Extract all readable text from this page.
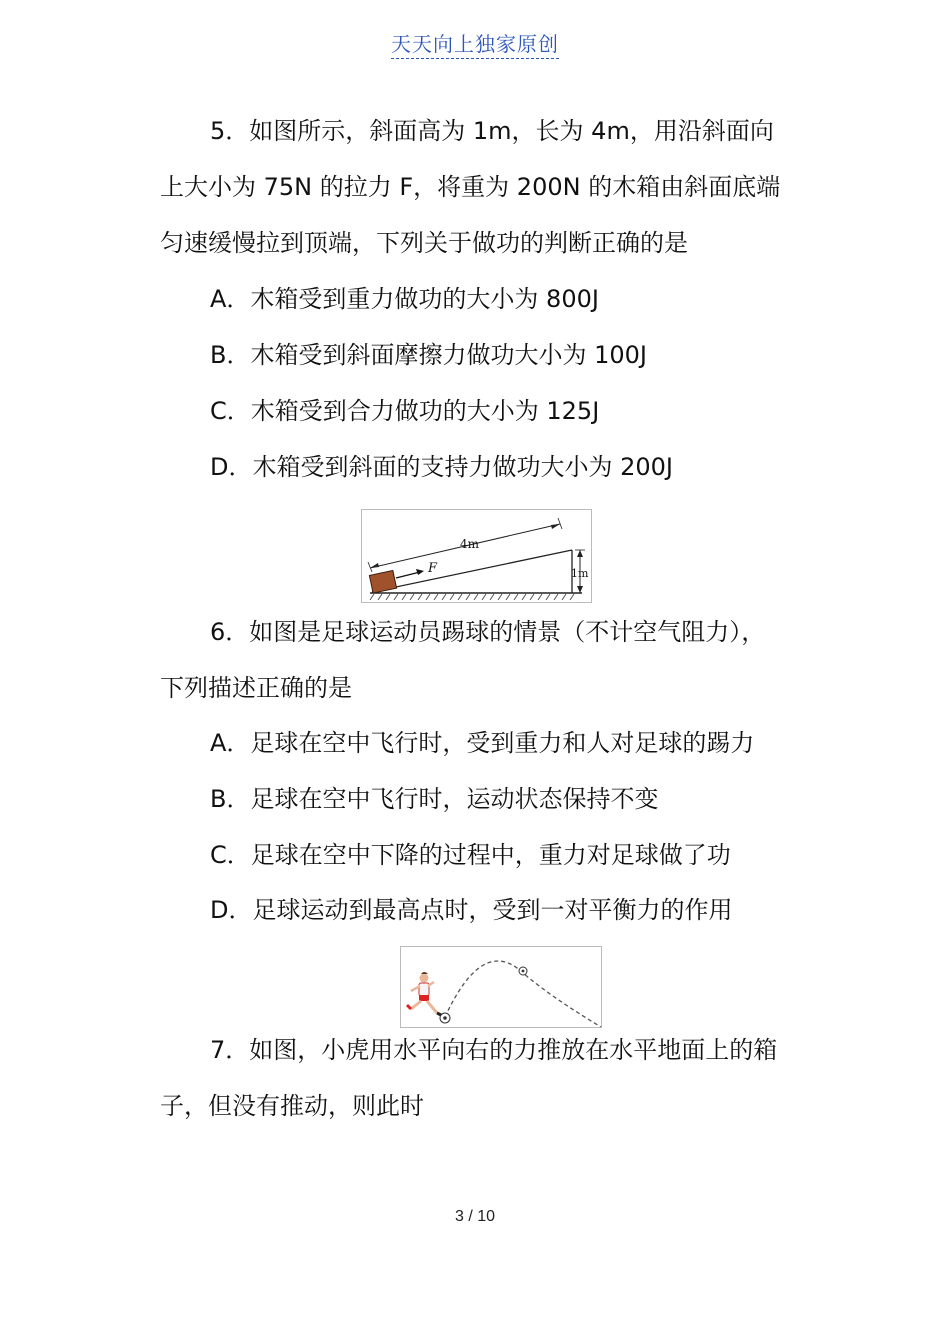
天天向上独家原创
5．如图所示，斜面高为 1m，长为 4m，用沿斜面向
上大小为 75N 的拉力 F，将重为 200N 的木箱由斜面底端
匀速缓慢拉到顶端，下列关于做功的判断正确的是
A．木箱受到重力做功的大小为 800J
B．木箱受到斜面摩擦力做功大小为 100J
C．木箱受到合力做功的大小为 125J
D．木箱受到斜面的支持力做功大小为 200J
4m
1m
F
6．如图是足球运动员踢球的情景（不计空气阻力），
下列描述正确的是
A．足球在空中飞行时，受到重力和人对足球的踢力
B．足球在空中飞行时，运动状态保持不变
C．足球在空中下降的过程中，重力对足球做了功
D．足球运动到最高点时，受到一对平衡力的作用
7．如图，小虎用水平向右的力推放在水平地面上的箱
子，但没有推动，则此时
3 / 10
